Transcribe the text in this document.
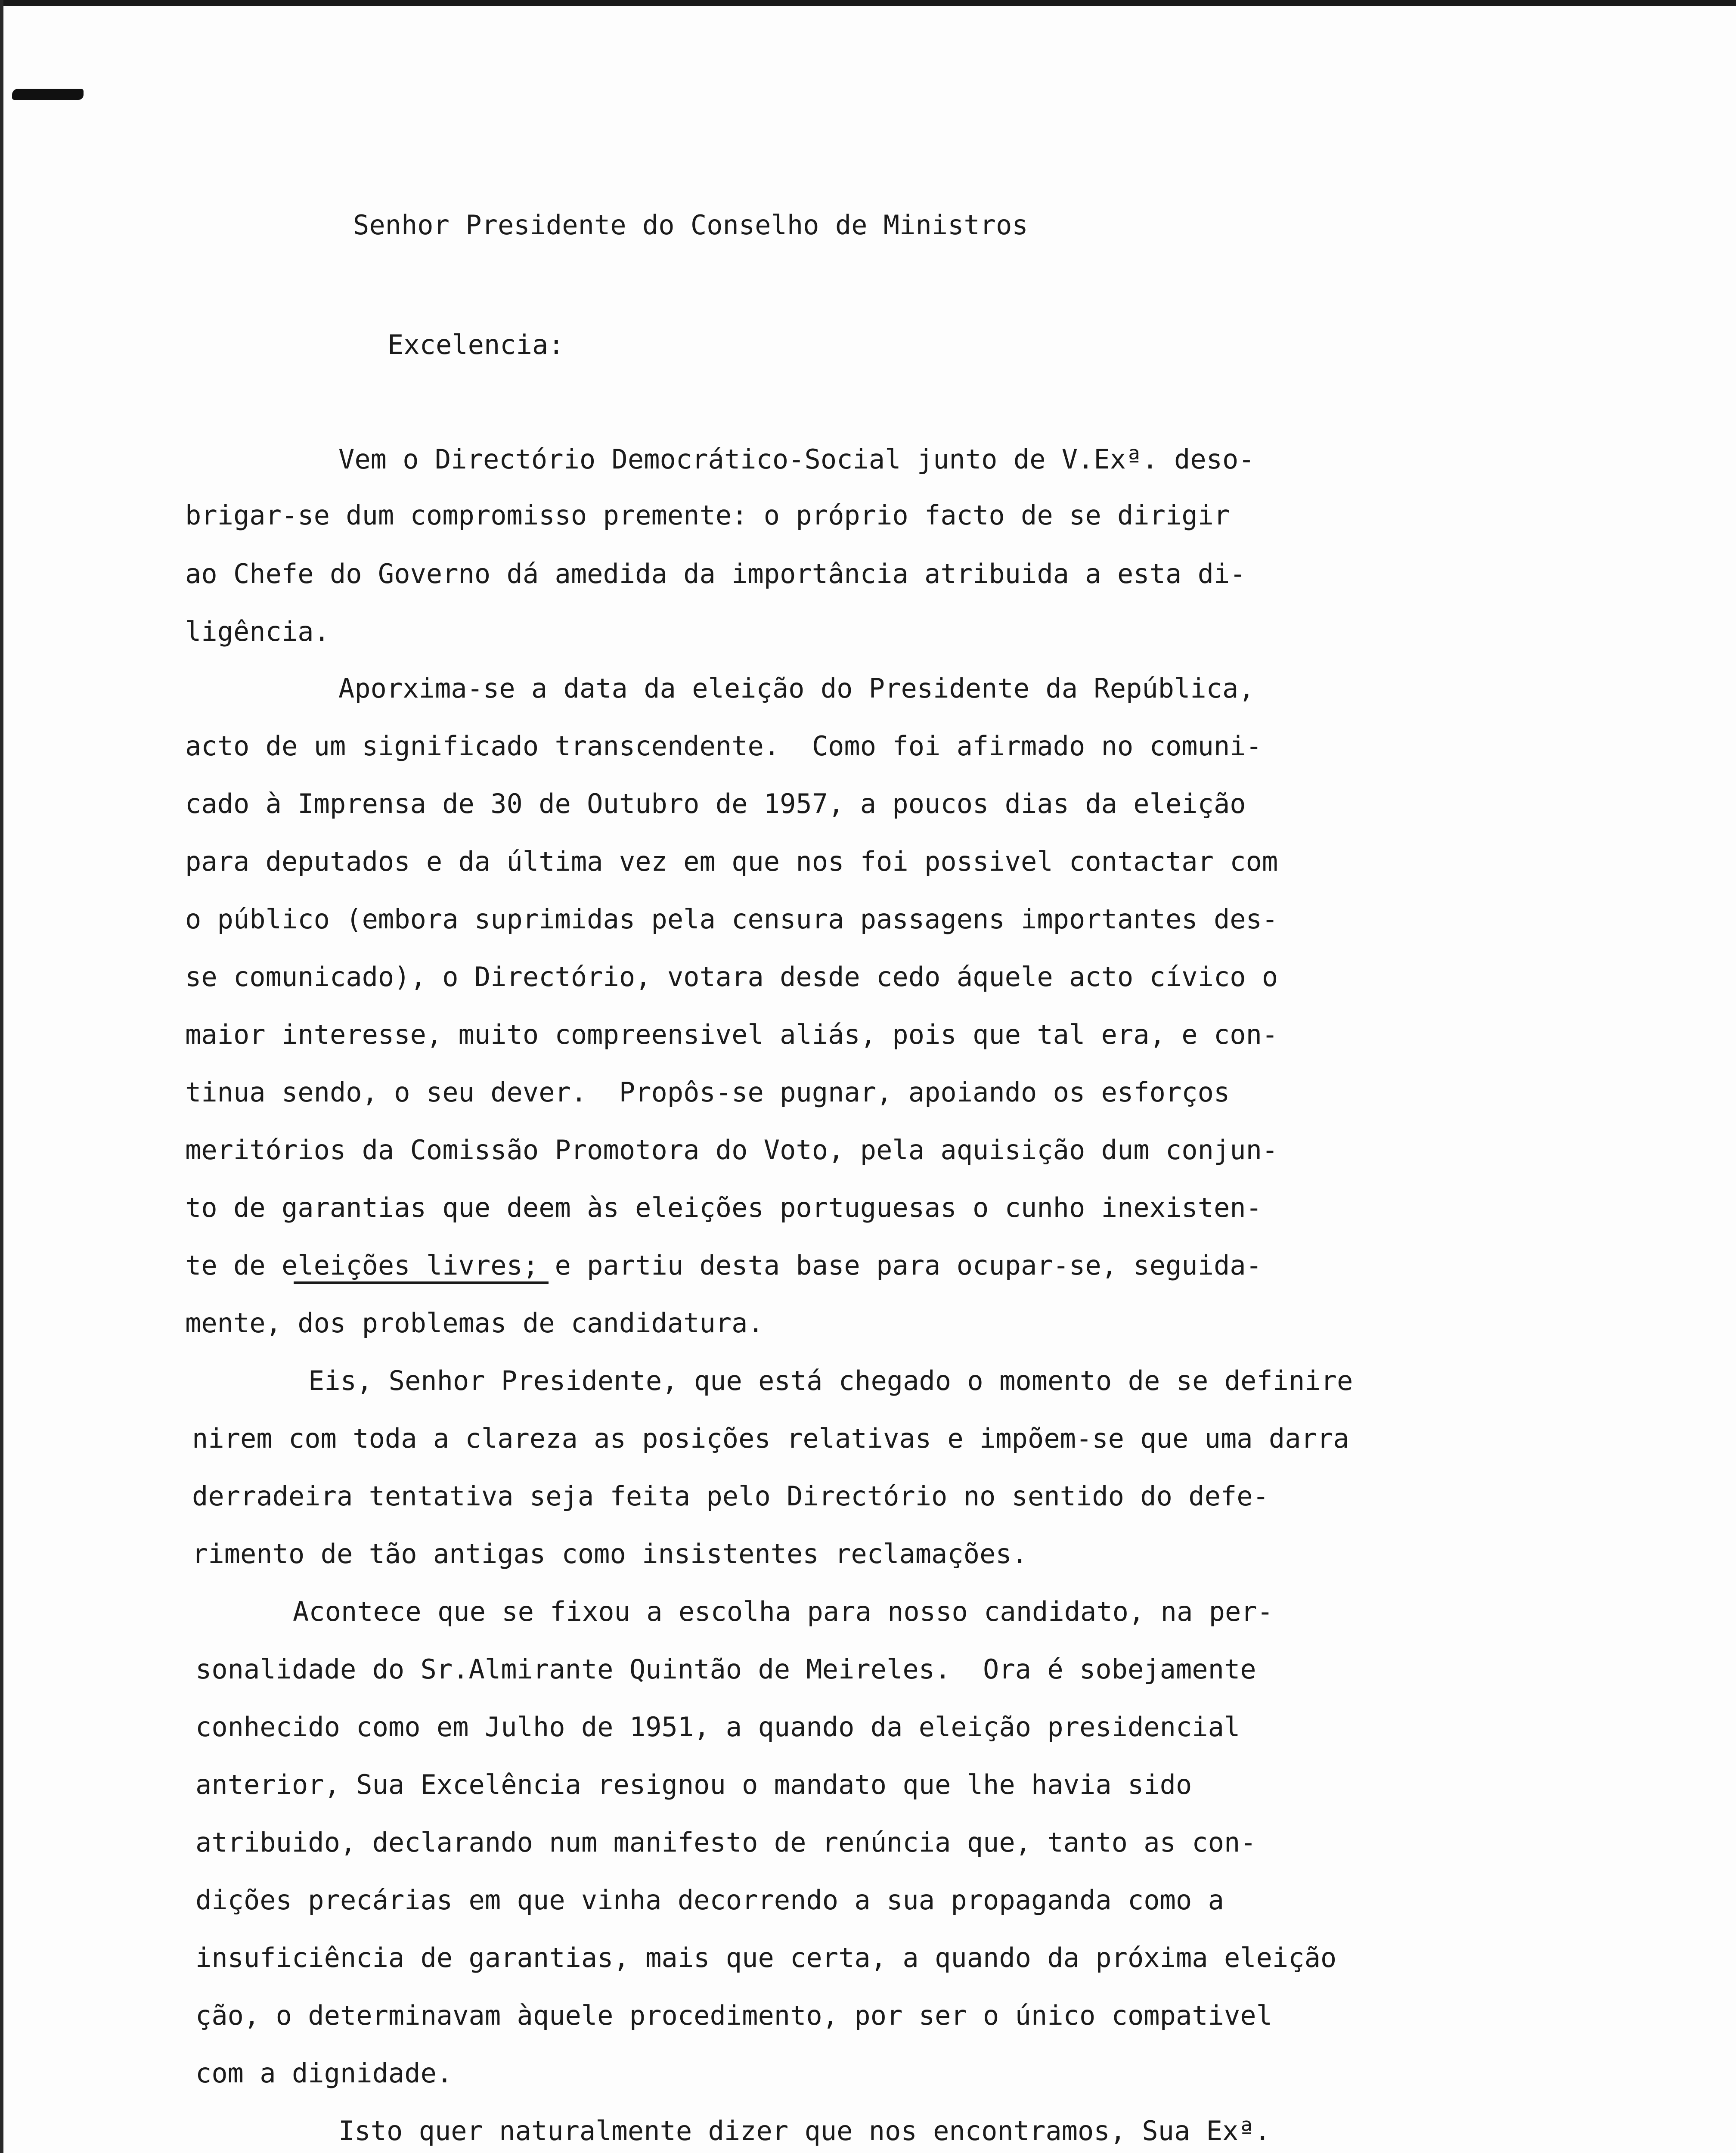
Senhor Presidente do Conselho de Ministros

Excelencia:

Vem o Directório Democrático-Social junto de V.Exª. deso-

brigar-se dum compromisso premente: o próprio facto de se dirigir

ao Chefe do Governo dá amedida da importância atribuida a esta di-

ligência.

Aporxima-se a data da eleição do Presidente da República,

acto de um significado transcendente.  Como foi afirmado no comuni-

cado à Imprensa de 30 de Outubro de 1957, a poucos dias da eleição

para deputados e da última vez em que nos foi possivel contactar com

o público (embora suprimidas pela censura passagens importantes des-

se comunicado), o Directório, votara desde cedo áquele acto cívico o

maior interesse, muito compreensivel aliás, pois que tal era, e con-

tinua sendo, o seu dever.  Propôs-se pugnar, apoiando os esforços

meritórios da Comissão Promotora do Voto, pela aquisição dum conjun-

to de garantias que deem às eleições portuguesas o cunho inexisten-

te de eleições livres; e partiu desta base para ocupar-se, seguida-

mente, dos problemas de candidatura.

Eis, Senhor Presidente, que está chegado o momento de se definire

nirem com toda a clareza as posições relativas e impõem-se que uma darra

derradeira tentativa seja feita pelo Directório no sentido do defe-

rimento de tão antigas como insistentes reclamações.

Acontece que se fixou a escolha para nosso candidato, na per-

sonalidade do Sr.Almirante Quintão de Meireles.  Ora é sobejamente

conhecido como em Julho de 1951, a quando da eleição presidencial

anterior, Sua Excelência resignou o mandato que lhe havia sido

atribuido, declarando num manifesto de renúncia que, tanto as con-

dições precárias em que vinha decorrendo a sua propaganda como a

insuficiência de garantias, mais que certa, a quando da próxima eleição

ção, o determinavam àquele procedimento, por ser o único compativel

com a dignidade.

Isto quer naturalmente dizer que nos encontramos, Sua Exª.
